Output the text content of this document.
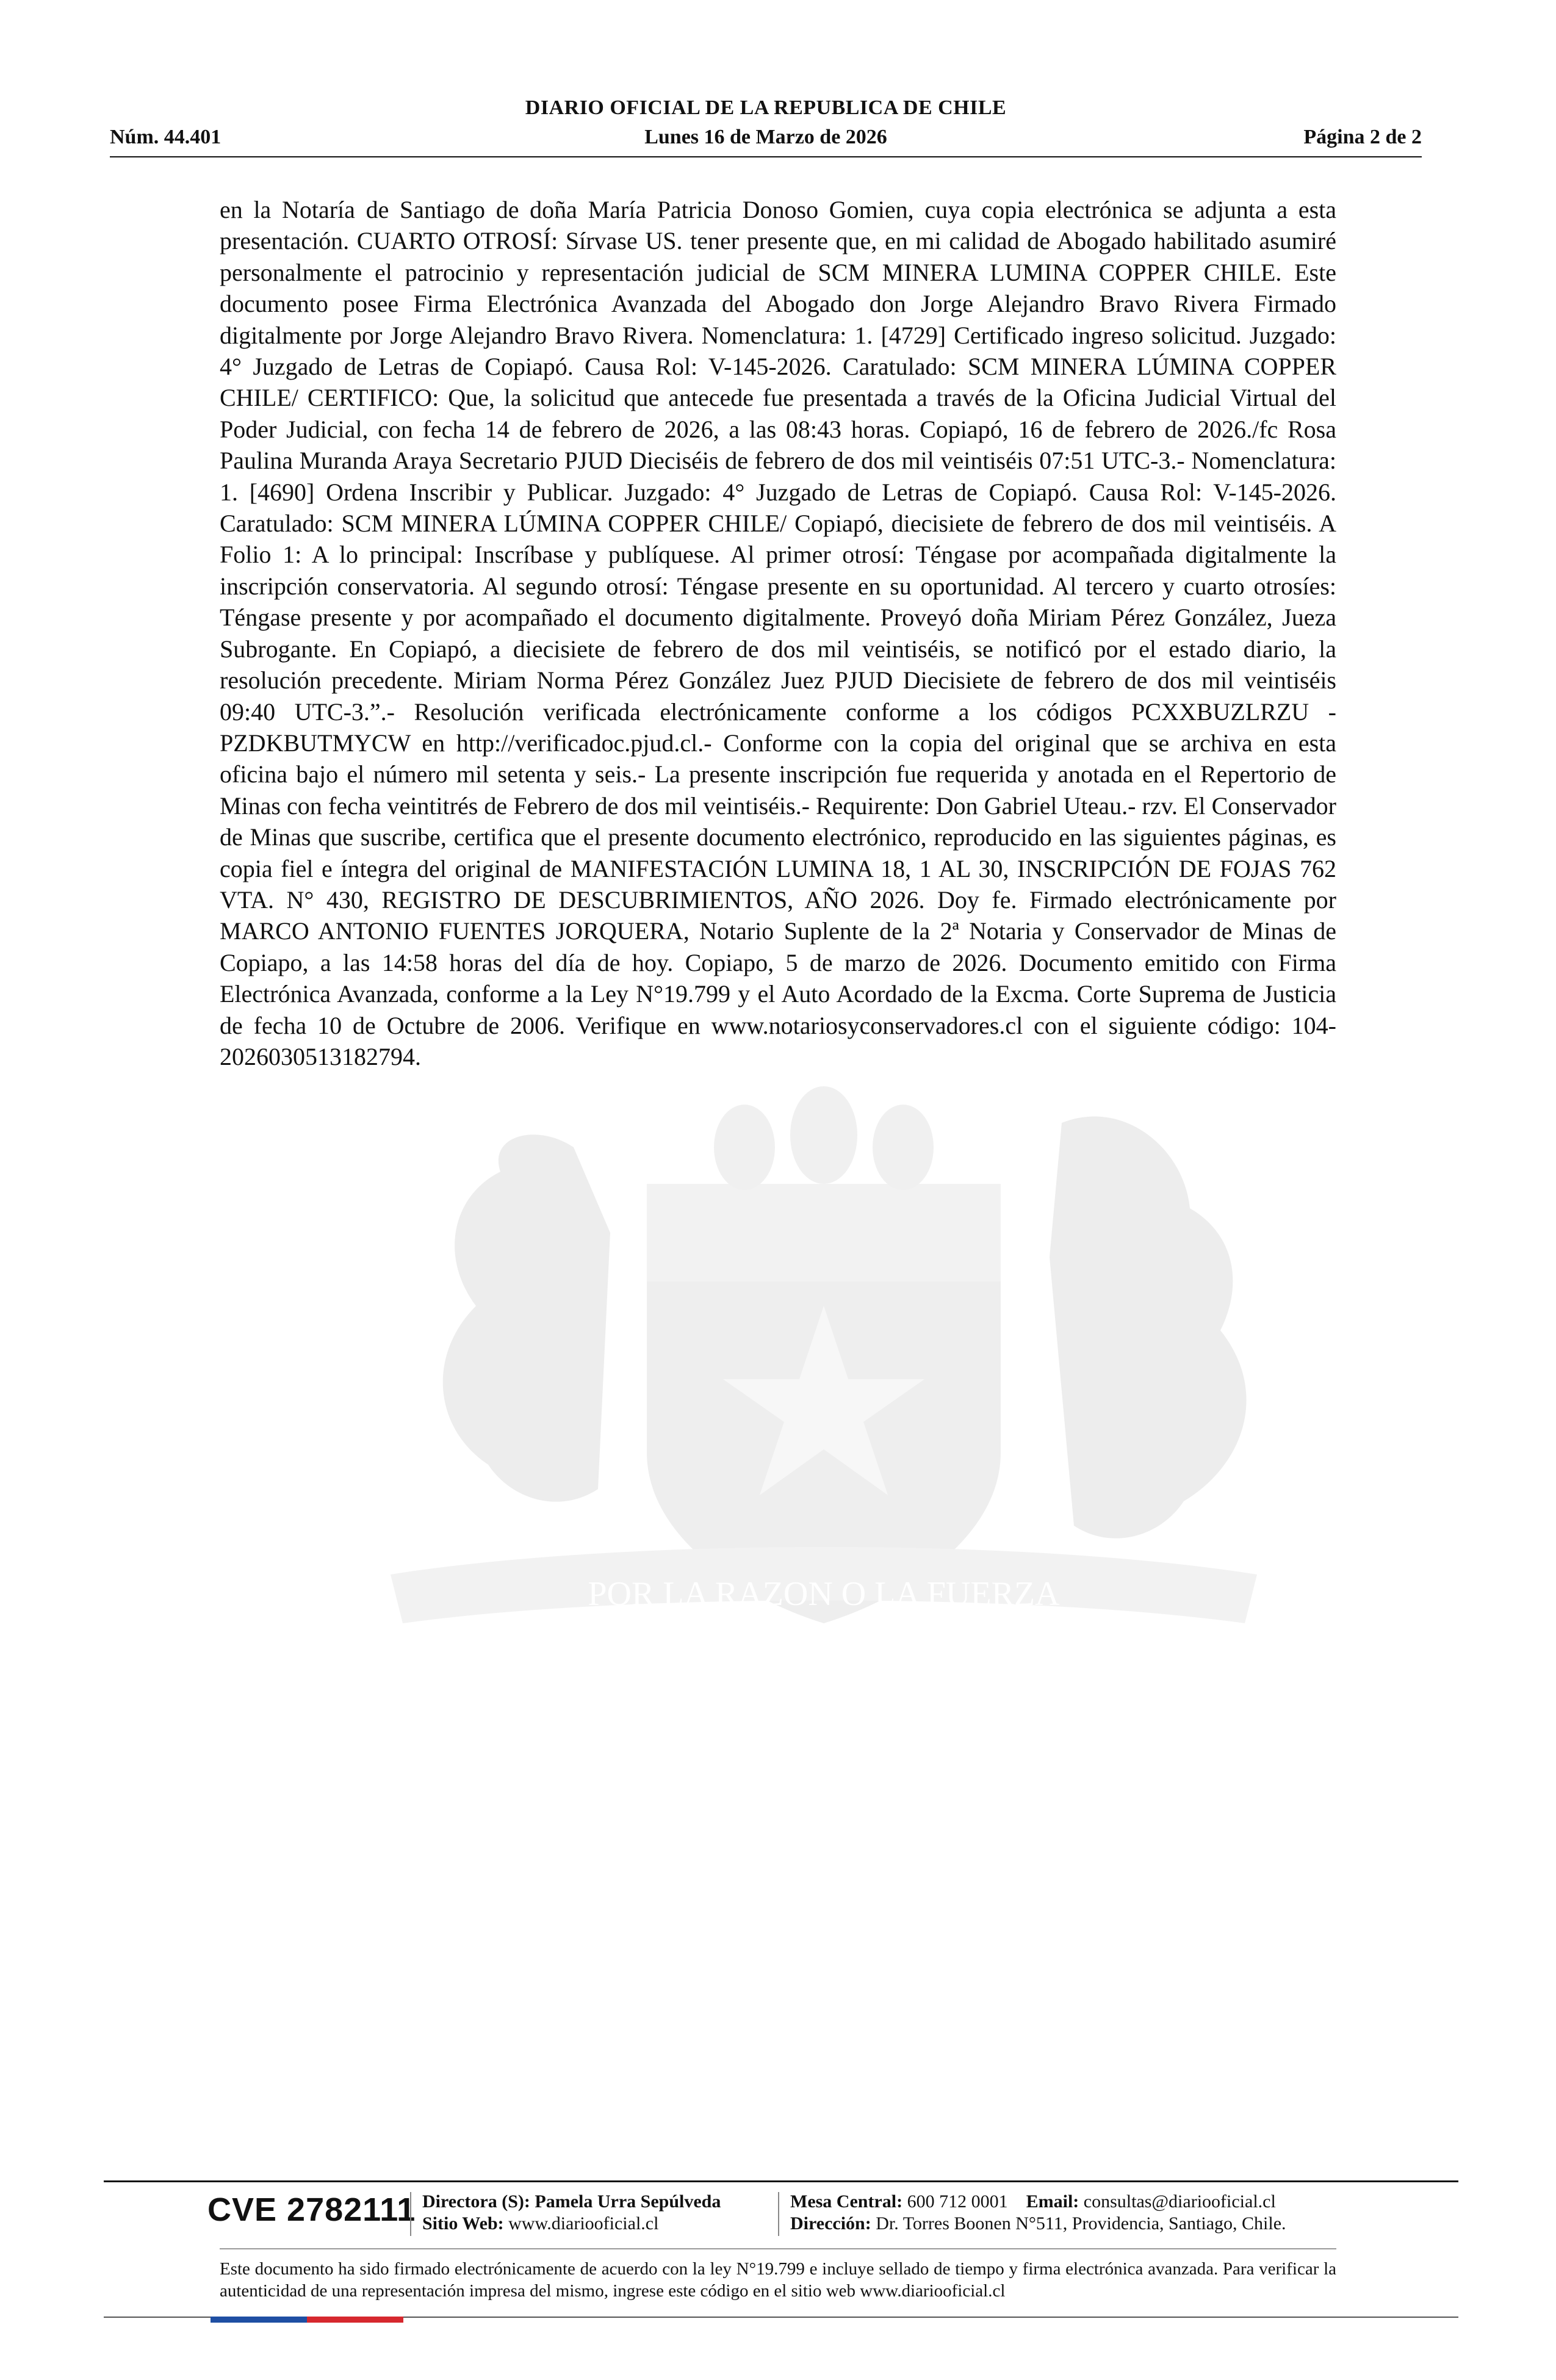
DIARIO OFICIAL DE LA REPUBLICA DE CHILE
Núm. 44.401	Lunes 16 de Marzo de 2026	Página 2 de 2
POR LA RAZON O LA FUERZA

en la Notaría de Santiago de doña María Patricia Donoso Gomien, cuya copia electrónica se adjunta a esta presentación. CUARTO OTROSÍ: Sírvase US. tener presente que, en mi calidad de Abogado habilitado asumiré personalmente el patrocinio y representación judicial de SCM MINERA LUMINA COPPER CHILE. Este documento posee Firma Electrónica Avanzada del Abogado don Jorge Alejandro Bravo Rivera Firmado digitalmente por Jorge Alejandro Bravo Rivera. Nomenclatura: 1. [4729] Certificado ingreso solicitud. Juzgado: 4° Juzgado de Letras de Copiapó. Causa Rol: V-145-2026. Caratulado: SCM MINERA LÚMINA COPPER CHILE/ CERTIFICO: Que, la solicitud que antecede fue presentada a través de la Oficina Judicial Virtual del Poder Judicial, con fecha 14 de febrero de 2026, a las 08:43 horas. Copiapó, 16 de febrero de 2026./fc Rosa Paulina Muranda Araya Secretario PJUD Dieciséis de febrero de dos mil veintiséis 07:51 UTC-3.- Nomenclatura: 1. [4690] Ordena Inscribir y Publicar. Juzgado: 4° Juzgado de Letras de Copiapó. Causa Rol: V-145-2026. Caratulado: SCM MINERA LÚMINA COPPER CHILE/ Copiapó, diecisiete de febrero de dos mil veintiséis. A Folio 1: A lo principal: Inscríbase y publíquese. Al primer otrosí: Téngase por acompañada digitalmente la inscripción conservatoria. Al segundo otrosí: Téngase presente en su oportunidad. Al tercero y cuarto otrosíes: Téngase presente y por acompañado el documento digitalmente. Proveyó doña Miriam Pérez González, Jueza Subrogante. En Copiapó, a diecisiete de febrero de dos mil veintiséis, se notificó por el estado diario, la resolución precedente. Miriam Norma Pérez González Juez PJUD Diecisiete de febrero de dos mil veintiséis 09:40 UTC-3.”.- Resolución verificada electrónicamente conforme a los códigos PCXXBUZLRZU - PZDKBUTMYCW en http://verificadoc.pjud.cl.- Conforme con la copia del original que se archiva en esta oficina bajo el número mil setenta y seis.- La presente inscripción fue requerida y anotada en el Repertorio de Minas con fecha veintitrés de Febrero de dos mil veintiséis.- Requirente: Don Gabriel Uteau.- rzv. El Conservador de Minas que suscribe, certifica que el presente documento electrónico, reproducido en las siguientes páginas, es copia fiel e íntegra del original de MANIFESTACIÓN LUMINA 18, 1 AL 30, INSCRIPCIÓN DE FOJAS 762 VTA. N° 430, REGISTRO DE DESCUBRIMIENTOS, AÑO 2026. Doy fe. Firmado electrónicamente por MARCO ANTONIO FUENTES JORQUERA, Notario Suplente de la 2ª Notaria y Conservador de Minas de Copiapo, a las 14:58 horas del día de hoy. Copiapo, 5 de marzo de 2026. Documento emitido con Firma Electrónica Avanzada, conforme a la Ley N°19.799 y el Auto Acordado de la Excma. Corte Suprema de Justicia de fecha 10 de Octubre de 2006. Verifique en www.notariosyconservadores.cl con el siguiente código: 104-2026030513182794.

CVE 2782111 Directora (S): Pamela Urra Sepúlveda
Sitio Web: www.diariooficial.cl
Mesa Central: 600 712 0001 Email: consultas@diariooficial.cl
Dirección: Dr. Torres Boonen N°511, Providencia, Santiago, Chile.
Este documento ha sido firmado electrónicamente de acuerdo con la ley N°19.799 e incluye sellado de tiempo y firma electrónica avanzada. Para verificar la autenticidad de una representación impresa del mismo, ingrese este código en el sitio web www.diariooficial.cl
